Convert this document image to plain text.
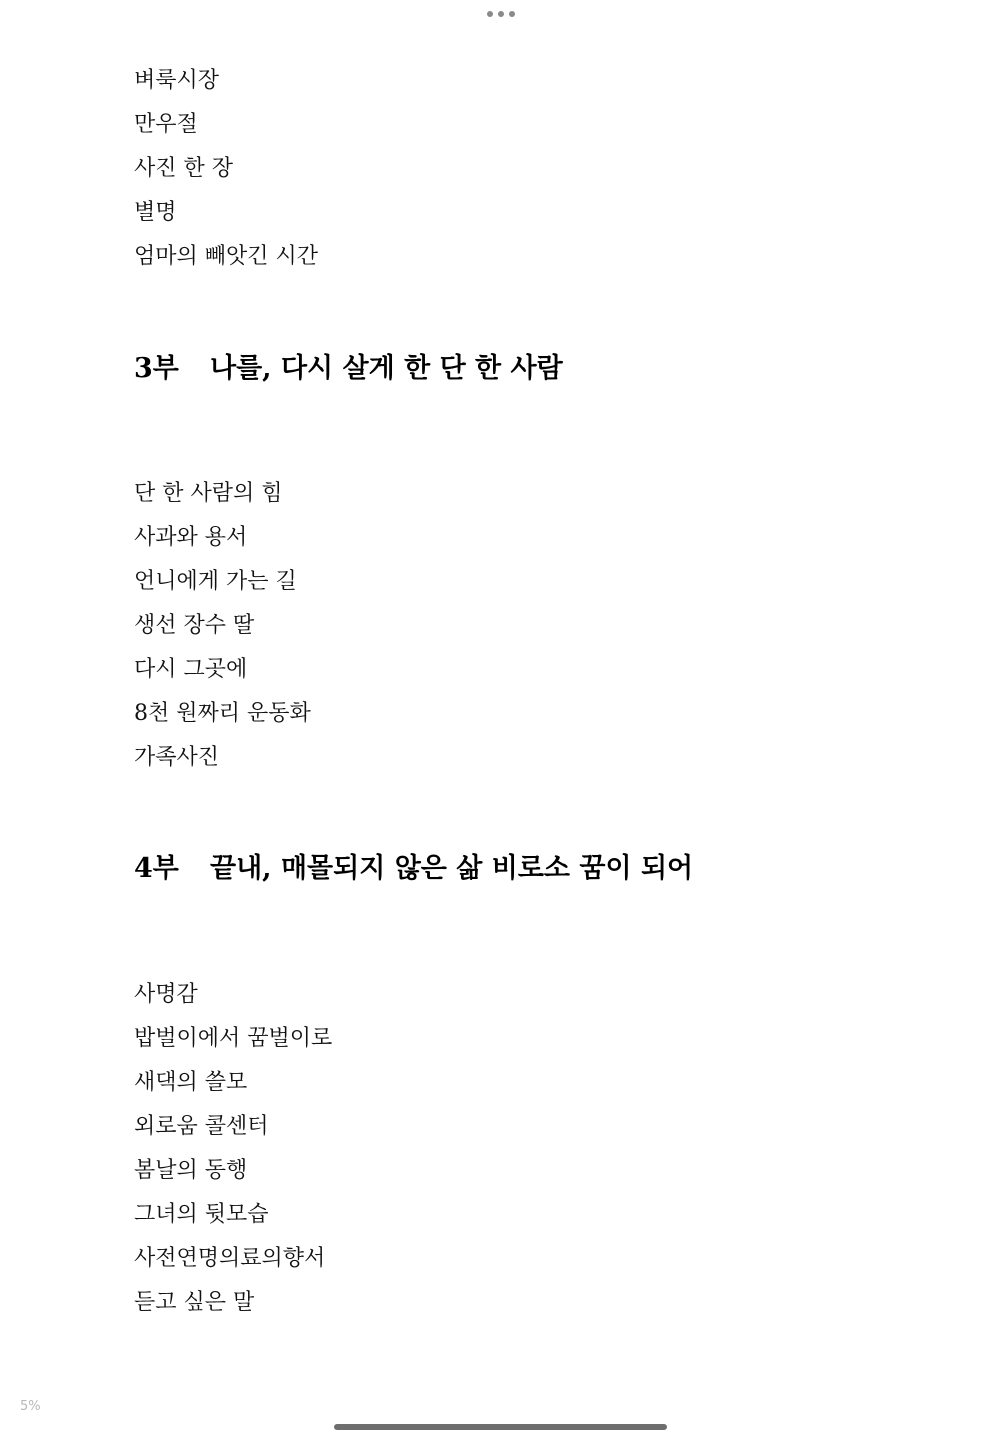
벼룩시장
만우절
사진 한 장
별명
엄마의 빼앗긴 시간
3부 나를, 다시 살게 한 단 한 사람
단 한 사람의 힘
사과와 용서
언니에게 가는 길
생선 장수 딸
다시 그곳에
8천 원짜리 운동화
가족사진
4부 끝내, 매몰되지 않은 삶 비로소 꿈이 되어
사명감
밥벌이에서 꿈벌이로
새댁의 쓸모
외로움 콜센터
봄날의 동행
그녀의 뒷모습
사전연명의료의향서
듣고 싶은 말
5%
